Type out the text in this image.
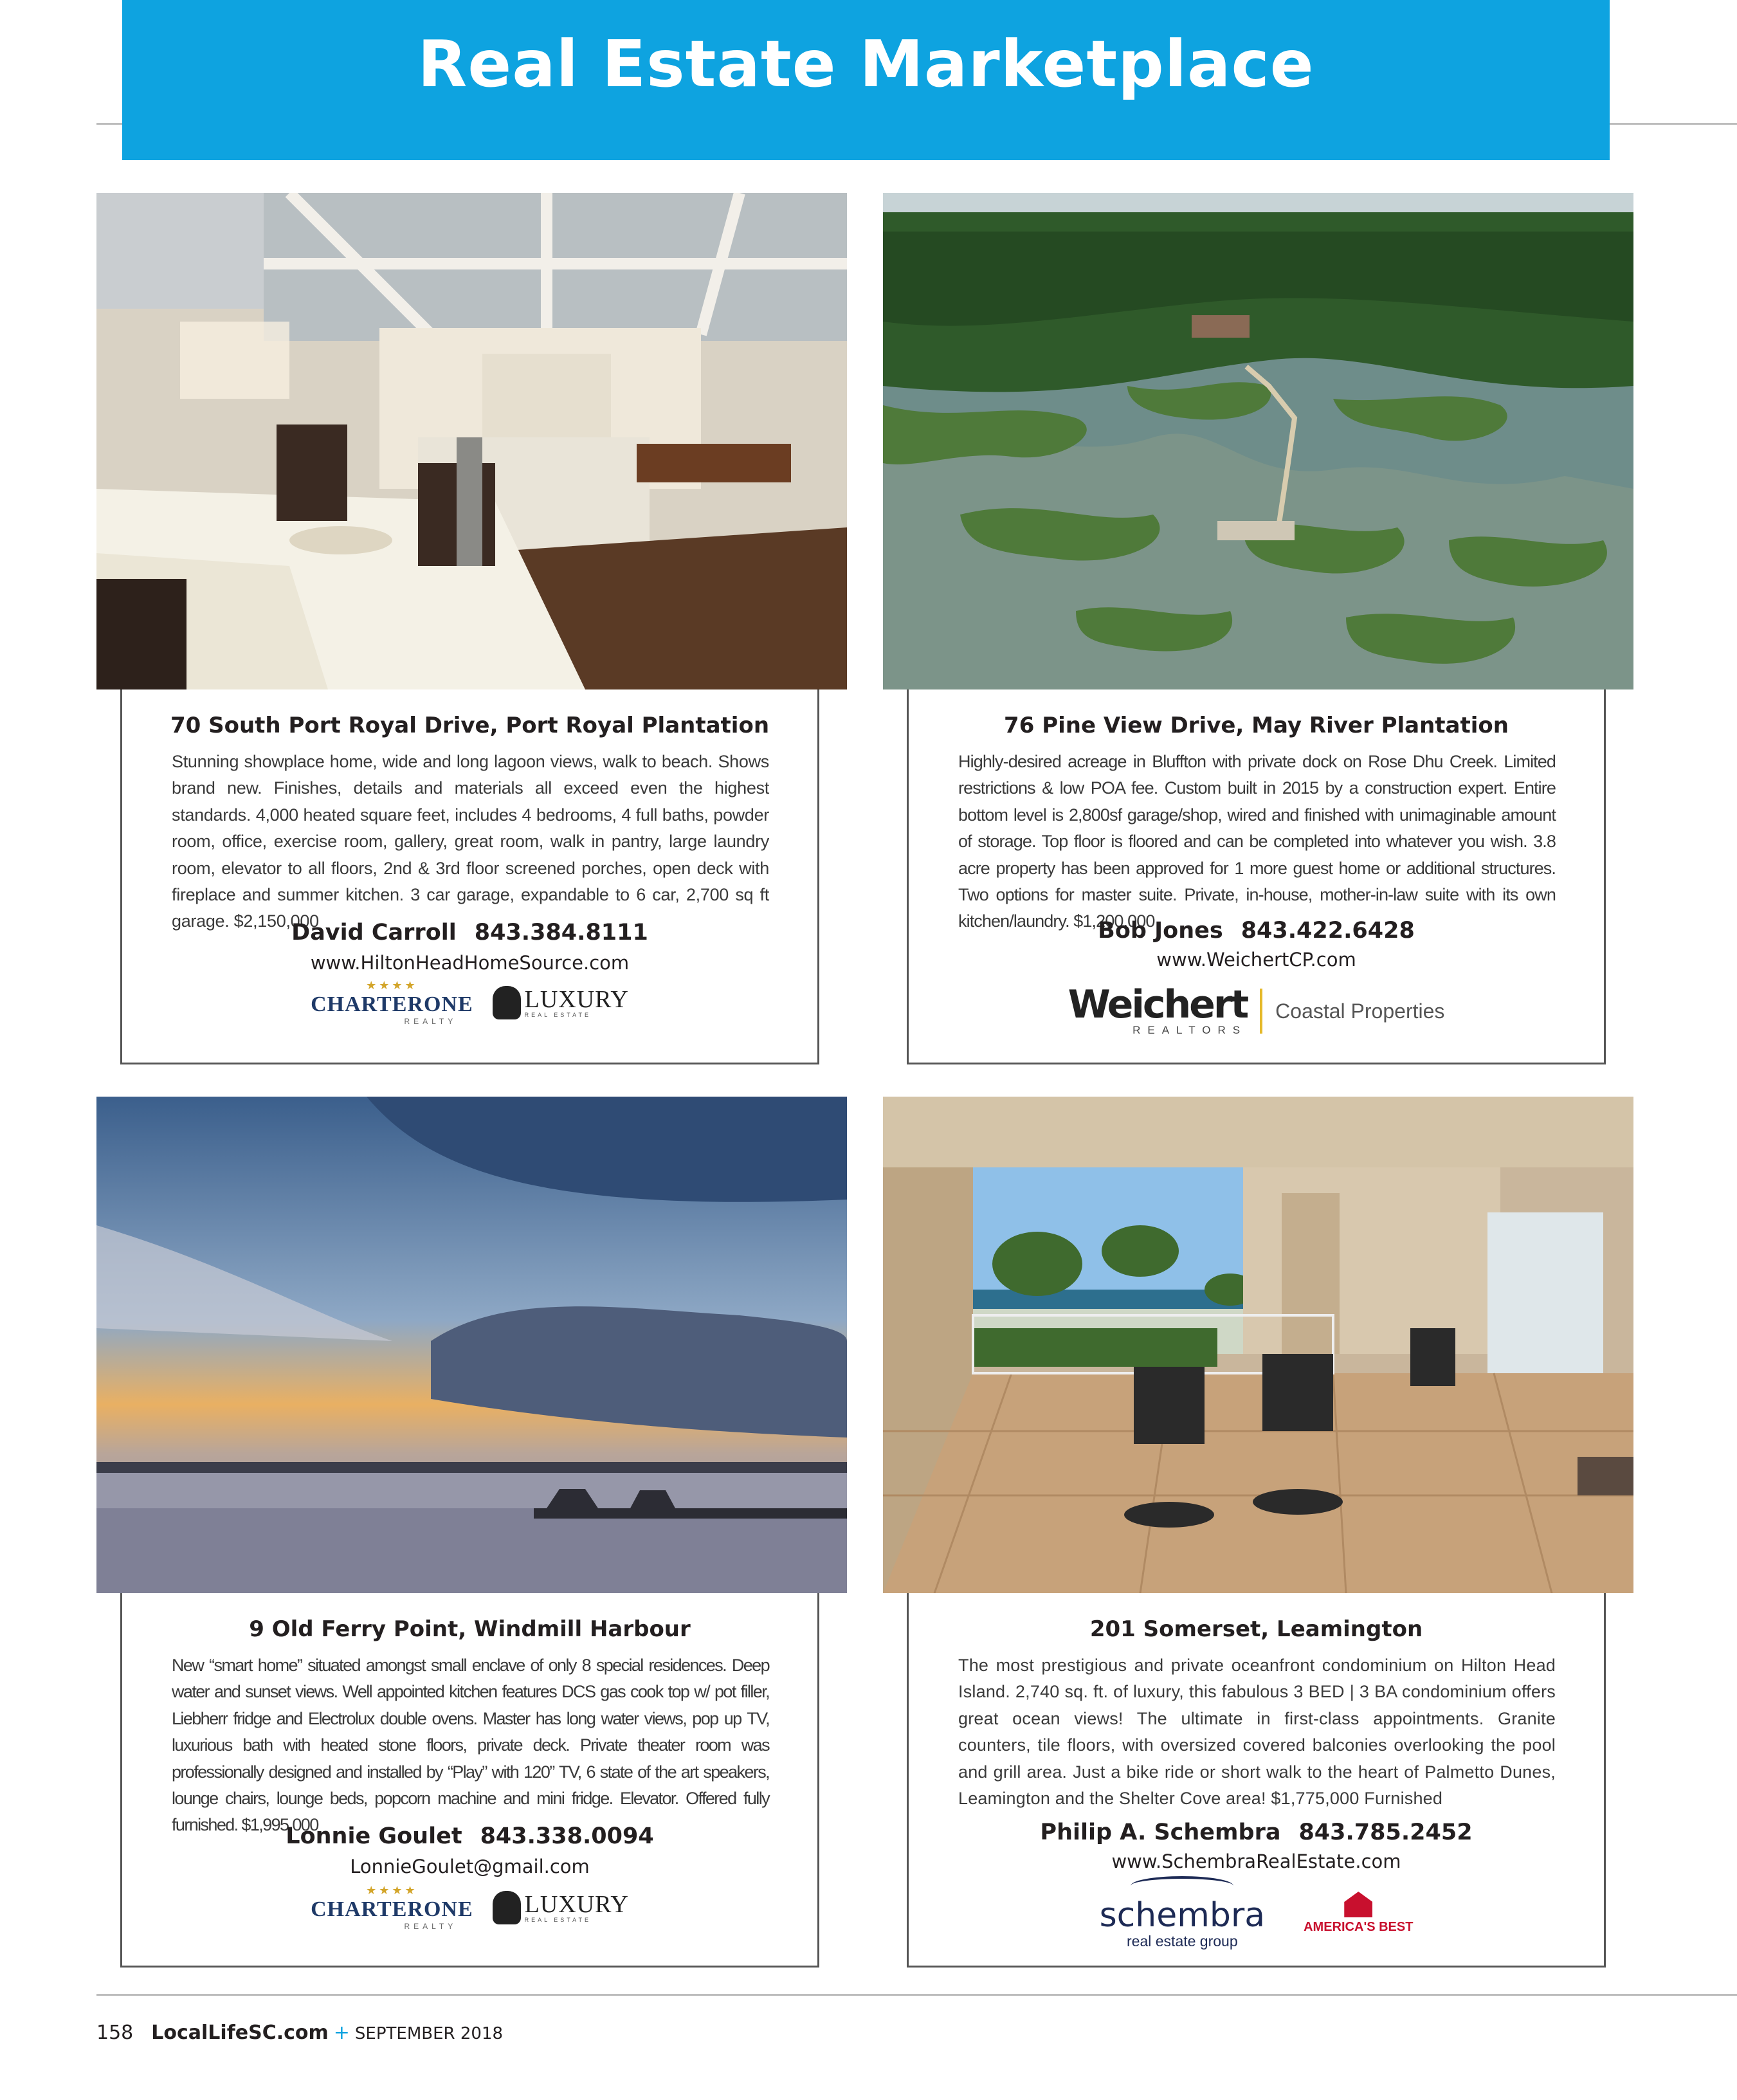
Real Estate Marketplace
70 South Port Royal Drive, Port Royal Plantation
Stunning showplace home, wide and long lagoon views, walk to beach. Shows brand new. Finishes, details and materials all exceed even the highest standards. 4,000 heated square feet, includes 4 bedrooms, 4 full baths, powder room, office, exercise room, gallery, great room, walk in pantry, large laundry room, elevator to all floors, 2nd & 3rd floor screened porches, open deck with fireplace and summer kitchen. 3 car garage, expandable to 6 car, 2,700 sq ft garage. $2,150,000
David Carroll 843.384.8111
www.HiltonHeadHomeSource.com
★★★★
CHARTERONE
REALTY
LUXURY
REAL ESTATE
76 Pine View Drive, May River Plantation
Highly-desired acreage in Bluffton with private dock on Rose Dhu Creek. Limited restrictions & low POA fee. Custom built in 2015 by a construction expert. Entire bottom level is 2,800sf garage/shop, wired and finished with unimaginable amount of storage. Top floor is floored and can be completed into whatever you wish. 3.8 acre property has been approved for 1 more guest home or additional structures. Two options for master suite. Private, in-house, mother-in-law suite with its own kitchen/laundry. $1,200,000
Bob Jones 843.422.6428
www.WeichertCP.com
Weichert
REALTORS
Coastal Properties
9 Old Ferry Point, Windmill Harbour
New “smart home” situated amongst small enclave of only 8 special residences. Deep water and sunset views. Well appointed kitchen features DCS gas cook top w/ pot filler, Liebherr fridge and Electrolux double ovens. Master has long water views, pop up TV, luxurious bath with heated stone floors, private deck. Private theater room was professionally designed and installed by “Play” with 120” TV, 6 state of the art speakers, lounge chairs, lounge beds, popcorn machine and mini fridge. Elevator. Offered fully furnished. $1,995,000
Lonnie Goulet 843.338.0094
LonnieGoulet@gmail.com
★★★★
CHARTERONE
REALTY
LUXURY
REAL ESTATE
201 Somerset, Leamington
The most prestigious and private oceanfront condominium on Hilton Head Island. 2,740 sq. ft. of luxury, this fabulous 3 BED | 3 BA condominium offers great ocean views! The ultimate in first-class appointments. Granite counters, tile floors, with oversized covered balconies overlooking the pool and grill area. Just a bike ride or short walk to the heart of Palmetto Dunes, Leamington and the Shelter Cove area! $1,775,000 Furnished
Philip A. Schembra 843.785.2452
www.SchembraRealEstate.com
schembra
real estate group
AMERICA'S BEST
158 LocalLifeSC.com + SEPTEMBER 2018
